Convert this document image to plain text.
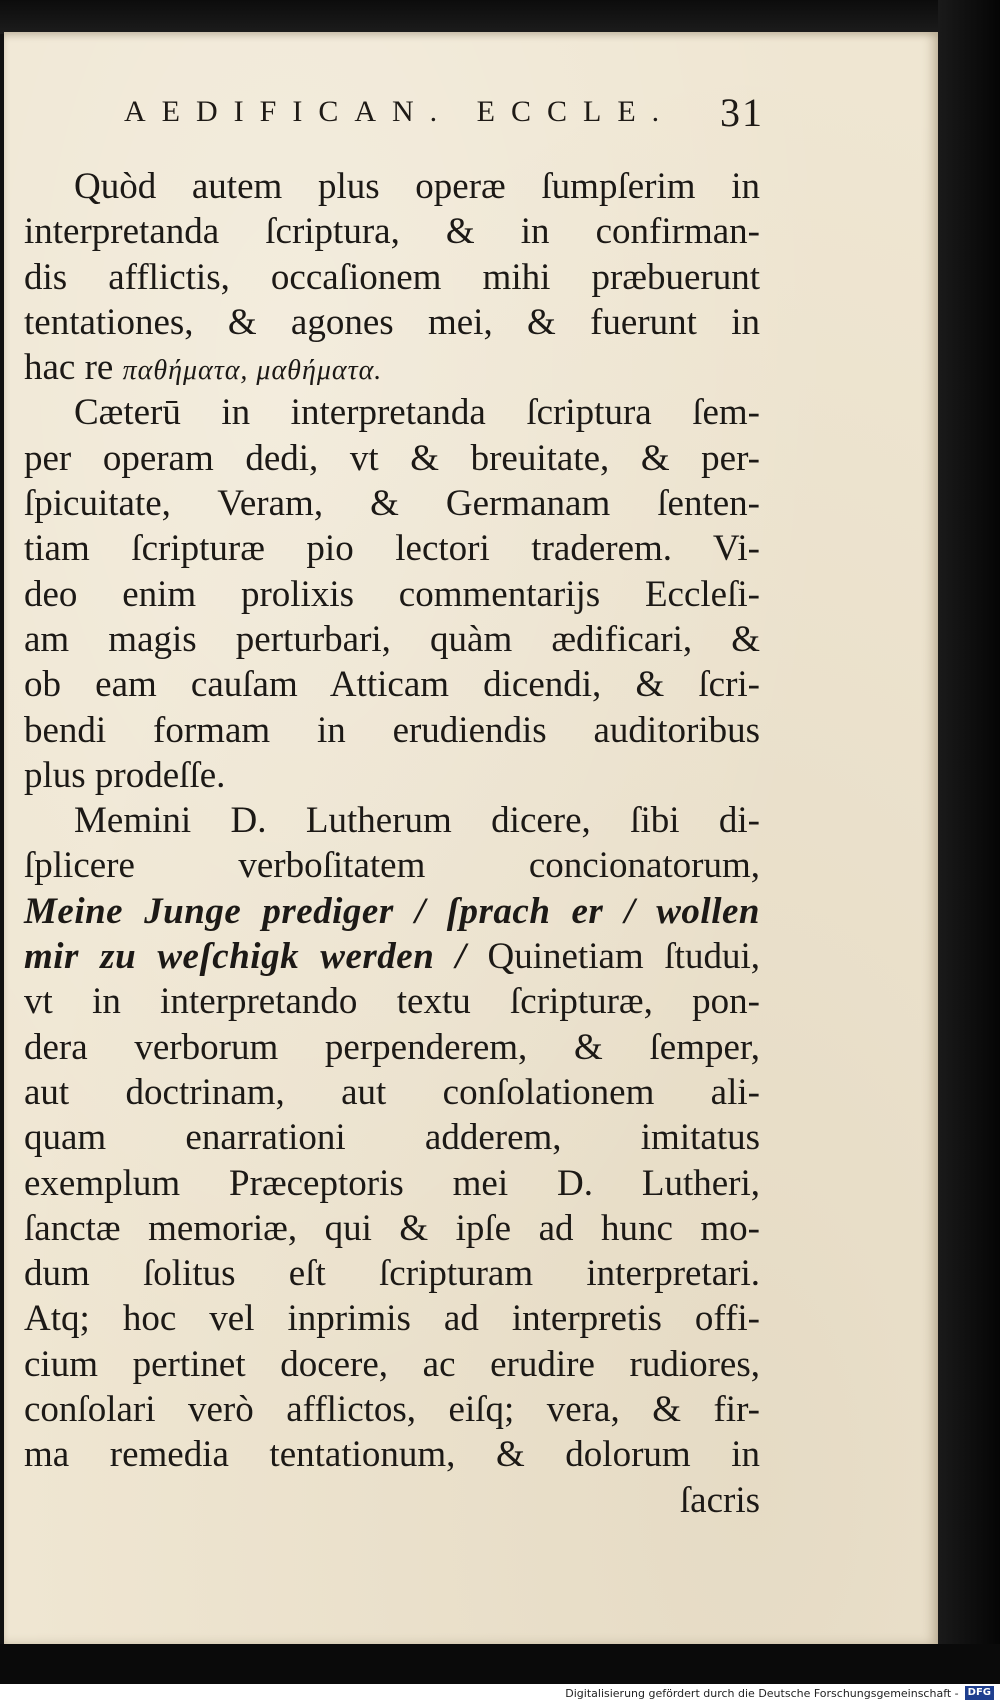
AEDIFICAN. ECCLE. 31
Quòd autem plus operæ ſumpſerim in
interpretanda ſcriptura, & in confirman-
dis afflictis, occaſionem mihi præbuerunt
tentationes, & agones mei, & fuerunt in
hac re παθήματα, μαθήματα.
Cæterū in interpretanda ſcriptura ſem-
per operam dedi, vt & breuitate, & per-
ſpicuitate, Veram, & Germanam ſenten-
tiam ſcripturæ pio lectori traderem. Vi-
deo enim prolixis commentarijs Eccleſi-
am magis perturbari, quàm ædificari, &
ob eam cauſam Atticam dicendi, & ſcri-
bendi formam in erudiendis auditoribus
plus prodeſſe.
Memini D. Lutherum dicere, ſibi di-
ſplicere verboſitatem concionatorum,
Meine Junge prediger / ſprach er / wollen
mir zu weſchigk werden / Quinetiam ſtudui,
vt in interpretando textu ſcripturæ, pon-
dera verborum perpenderem, & ſemper,
aut doctrinam, aut conſolationem ali-
quam enarrationi adderem, imitatus
exemplum Præceptoris mei D. Lutheri,
ſanctæ memoriæ, qui & ipſe ad hunc mo-
dum ſolitus eſt ſcripturam interpretari.
Atq; hoc vel inprimis ad interpretis offi-
cium pertinet docere, ac erudire rudiores,
conſolari verò afflictos, eiſq; vera, & fir-
ma remedia tentationum, & dolorum in
ſacris
Digitalisierung gefördert durch die Deutsche Forschungsgemeinschaft - DFG
